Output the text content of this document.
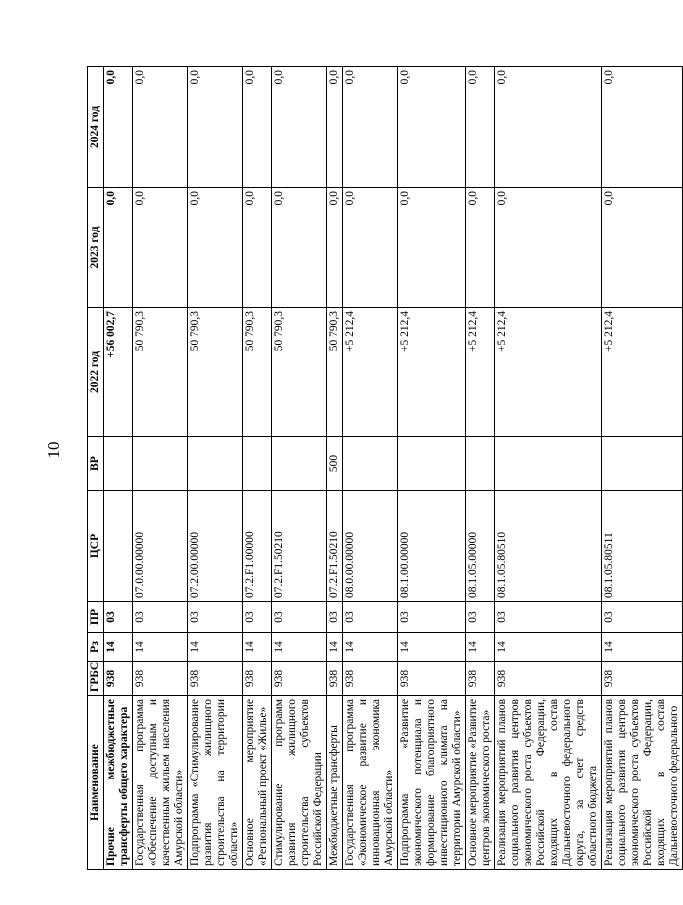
10
Наименование	ГРБС	Рз	ПР	ЦСР	ВР	2022 год	2023 год	2024 год
Прочие межбюджетные трансферты общего характера	938	14	03			+56 002,7	0,0	0,0
Государственная программа «Обеспечение доступным и качественным жильем населения Амурской области»	938	14	03	07.0.00.00000		50 790,3	0,0	0,0
Подпрограмма «Стимулирование развития жилищного строительства на территории области»	938	14	03	07.2.00.00000		50 790,3	0,0	0,0
Основное мероприятие «Региональный проект «Жилье»	938	14	03	07.2.F1.00000		50 790,3	0,0	0,0
Стимулирование программ развития жилищного строительства субъектов Российской Федерации	938	14	03	07.2.F1.50210		50 790,3	0,0	0,0
Межбюджетные трансферты	938	14	03	07.2.F1.50210	500	50 790,3	0,0	0,0
Государственная программа «Экономическое развитие и инновационная экономика Амурской области»	938	14	03	08.0.00.00000		+5 212,4	0,0	0,0
Подпрограмма «Развитие экономического потенциала и формирование благоприятного инвестиционного климата на территории Амурской области»	938	14	03	08.1.00.00000		+5 212,4	0,0	0,0
Основное мероприятие «Развитие центров экономического роста»	938	14	03	08.1.05.00000		+5 212,4	0,0	0,0
Реализация мероприятий планов социального развития центров экономического роста субъектов Российской Федерации, входящих в состав Дальневосточного федерального округа, за счет средств областного бюджета	938	14	03	08.1.05.80510		+5 212,4	0,0	0,0
Реализация мероприятий планов социального развития центров экономического роста субъектов Российской Федерации, входящих в состав Дальневосточного федерального	938	14	03	08.1.05.80511		+5 212,4	0,0	0,0
